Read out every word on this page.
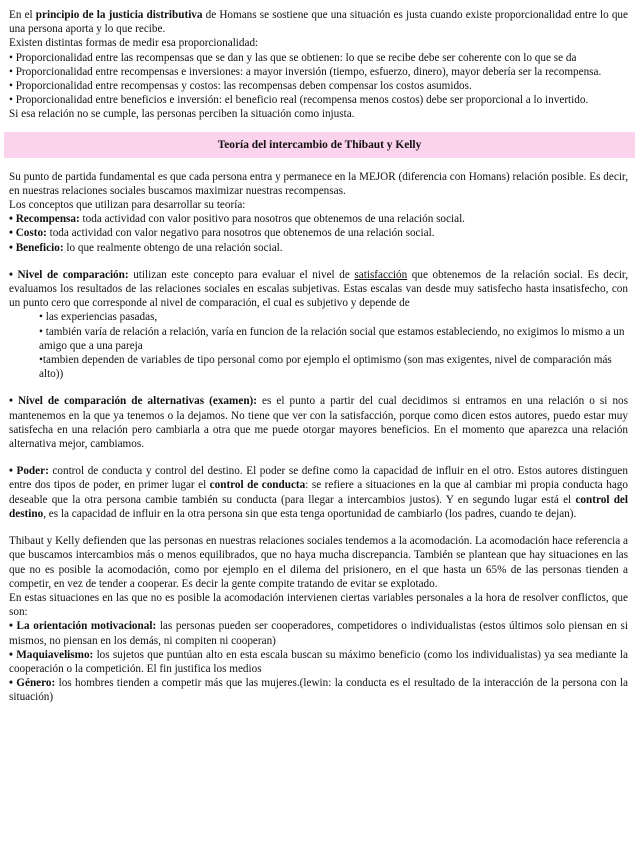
En el principio de la justicia distributiva de Homans se sostiene que una situación es justa cuando existe proporcionalidad entre lo que una persona aporta y lo que recibe.

Existen distintas formas de medir esa proporcionalidad:

• Proporcionalidad entre las recompensas que se dan y las que se obtienen: lo que se recibe debe ser coherente con lo que se da

• Proporcionalidad entre recompensas e inversiones: a mayor inversión (tiempo, esfuerzo, dinero), mayor debería ser la recompensa.

• Proporcionalidad entre recompensas y costos: las recompensas deben compensar los costos asumidos.

• Proporcionalidad entre beneficios e inversión: el beneficio real (recompensa menos costos) debe ser proporcional a lo invertido.

Si esa relación no se cumple, las personas perciben la situación como injusta.

Teoría del intercambio de Thibaut y Kelly

Su punto de partida fundamental es que cada persona entra y permanece en la MEJOR (diferencia con Homans) relación posible. Es decir, en nuestras relaciones sociales buscamos maximizar nuestras recompensas.

Los conceptos que utilizan para desarrollar su teoría:

• Recompensa: toda actividad con valor positivo para nosotros que obtenemos de una relación social.

• Costo: toda actividad con valor negativo para nosotros que obtenemos de una relación social.

• Beneficio: lo que realmente obtengo de una relación social.

• Nivel de comparación: utilizan este concepto para evaluar el nivel de satisfacción que obtenemos de la relación social. Es decir, evaluamos los resultados de las relaciones sociales en escalas subjetivas. Estas escalas van desde muy satisfecho hasta insatisfecho, con un punto cero que corresponde al nivel de comparación, el cual es subjetivo y depende de

• las experiencias pasadas,

• también varía de relación a relación, varía en funcion de la relación social que estamos estableciendo, no exigimos lo mismo a un amigo que a una pareja

•tambien dependen de variables de tipo personal como por ejemplo el optimismo (son mas exigentes, nivel de comparación más alto))

• Nivel de comparación de alternativas (examen): es el punto a partir del cual decidimos si entramos en una relación o si nos mantenemos en la que ya tenemos o la dejamos. No tiene que ver con la satisfacción, porque como dicen estos autores, puedo estar muy satisfecha en una relación pero cambiarla a otra que me puede otorgar mayores beneficios. En el momento que aparezca una relación alternativa mejor, cambiamos.

• Poder: control de conducta y control del destino. El poder se define como la capacidad de influir en el otro. Estos autores distinguen entre dos tipos de poder, en primer lugar el control de conducta: se refiere a situaciones en la que al cambiar mi propia conducta hago deseable que la otra persona cambie también su conducta (para llegar a intercambios justos). Y en segundo lugar está el control del destino, es la capacidad de influir en la otra persona sin que esta tenga oportunidad de cambiarlo (los padres, cuando te dejan).

Thibaut y Kelly defienden que las personas en nuestras relaciones sociales tendemos a la acomodación. La acomodación hace referencia a que buscamos intercambios más o menos equilibrados, que no haya mucha discrepancia. También se plantean que hay situaciones en las que no es posible la acomodación, como por ejemplo en el dilema del prisionero, en el que hasta un 65% de las personas tienden a competir, en vez de tender a cooperar. Es decir la gente compite tratando de evitar se explotado.

En estas situaciones en las que no es posible la acomodación intervienen ciertas variables personales a la hora de resolver conflictos, que son:

• La orientación motivacional: las personas pueden ser cooperadores, competidores o individualistas (estos últimos solo piensan en si mismos, no piensan en los demás, ni compiten ni cooperan)

• Maquiavelismo: los sujetos que puntúan alto en esta escala buscan su máximo beneficio (como los individualistas) ya sea mediante la cooperación o la competición. El fin justifica los medios

• Género: los hombres tienden a competir más que las mujeres.(lewin: la conducta es el resultado de la interacción de la persona con la situación)
